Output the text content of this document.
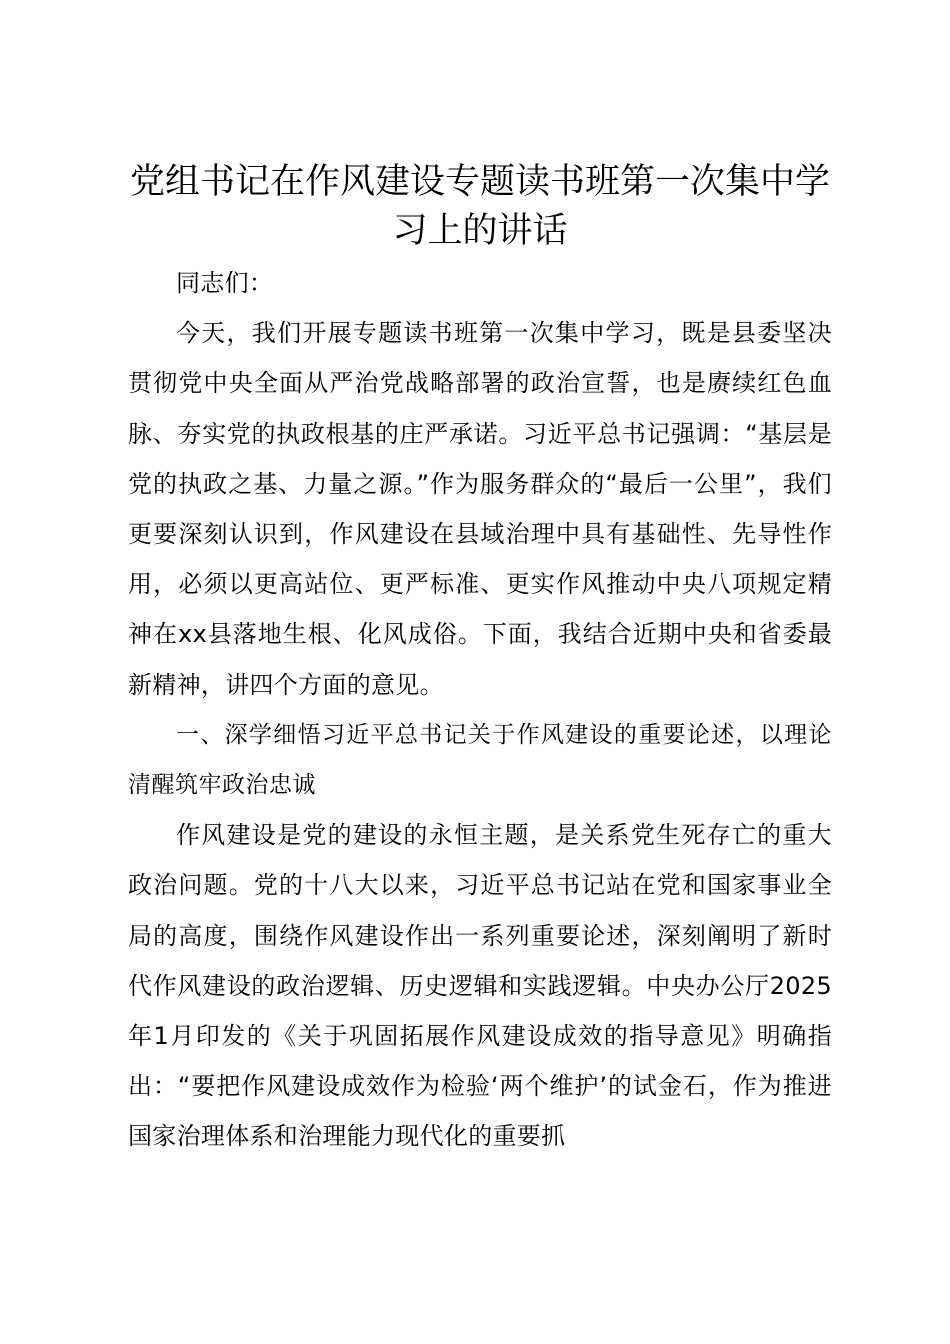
党组书记在作风建设专题读书班第一次集中学习上的讲话

同志们：

今天，我们开展专题读书班第一次集中学习，既是县委坚决贯彻党中央全面从严治党战略部署的政治宣誓，也是赓续红色血脉、夯实党的执政根基的庄严承诺。习近平总书记强调：“基层是党的执政之基、力量之源。”作为服务群众的“最后一公里”，我们更要深刻认识到，作风建设在县域治理中具有基础性、先导性作用，必须以更高站位、更严标准、更实作风推动中央八项规定精神在xx县落地生根、化风成俗。下面，我结合近期中央和省委最新精神，讲四个方面的意见。

一、深学细悟习近平总书记关于作风建设的重要论述，以理论清醒筑牢政治忠诚

作风建设是党的建设的永恒主题，是关系党生死存亡的重大政治问题。党的十八大以来，习近平总书记站在党和国家事业全局的高度，围绕作风建设作出一系列重要论述，深刻阐明了新时代作风建设的政治逻辑、历史逻辑和实践逻辑。中央办公厅2025年1月印发的《关于巩固拓展作风建设成效的指导意见》明确指出：“要把作风建设成效作为检验‘两个维护’的试金石，作为推进国家治理体系和治理能力现代化的重要抓
